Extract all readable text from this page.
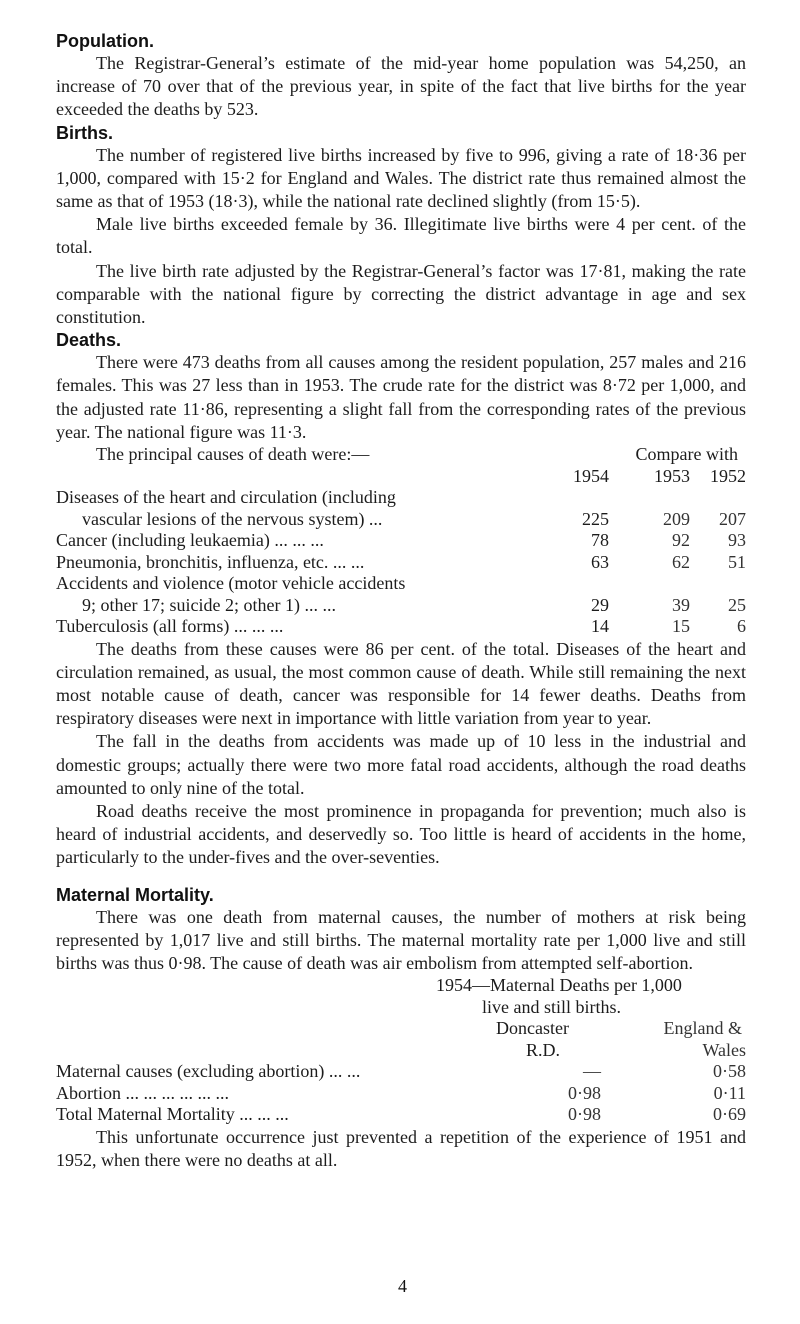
Population.

The Registrar-General’s estimate of the mid-year home population was 54,250, an increase of 70 over that of the previous year, in spite of the fact that live births for the year exceeded the deaths by 523.

Births.

The number of registered live births increased by five to 996, giving a rate of 18·36 per 1,000, compared with 15·2 for England and Wales. The district rate thus remained almost the same as that of 1953 (18·3), while the national rate declined slightly (from 15·5).

Male live births exceeded female by 36. Illegitimate live births were 4 per cent. of the total.

The live birth rate adjusted by the Registrar-General’s factor was 17·81, making the rate comparable with the national figure by correcting the district advantage in age and sex constitution.

Deaths.

There were 473 deaths from all causes among the resident population, 257 males and 216 females. This was 27 less than in 1953. The crude rate for the district was 8·72 per 1,000, and the adjusted rate 11·86, representing a slight fall from the corresponding rates of the previous year. The national figure was 11·3.

The principal causes of death were:—	Compare with
1954	1953 1952
Diseases of the heart and circulation (including
vascular lesions of the nervous system) ...	225	209 207
Cancer (including leukaemia) ... ... ...	78	92 93
Pneumonia, bronchitis, influenza, etc. ... ...	63	62 51
Accidents and violence (motor vehicle accidents
9; other 17; suicide 2; other 1) ... ...	29	39 25
Tuberculosis (all forms) ... ... ...	14	15	6

The deaths from these causes were 86 per cent. of the total. Diseases of the heart and circulation remained, as usual, the most common cause of death. While still remaining the next most notable cause of death, cancer was responsible for 14 fewer deaths. Deaths from respiratory diseases were next in importance with little variation from year to year.

The fall in the deaths from accidents was made up of 10 less in the industrial and domestic groups; actually there were two more fatal road accidents, although the road deaths amounted to only nine of the total.

Road deaths receive the most prominence in propaganda for prevention; much also is heard of industrial accidents, and deservedly so. Too little is heard of accidents in the home, particularly to the under-fives and the over-seventies.

Maternal Mortality.

There was one death from maternal causes, the number of mothers at risk being represented by 1,017 live and still births. The maternal mortality rate per 1,000 live and still births was thus 0·98. The cause of death was air embolism from attempted self-abortion.

1954—Maternal Deaths per 1,000
live and still births.
Doncaster	England &
R.D.	Wales
Maternal causes (excluding abortion) ... ...	—	0·58
Abortion ... ... ... ... ... ...	0·98	0·11
Total Maternal Mortality ... ... ...	0·98	0·69

This unfortunate occurrence just prevented a repetition of the experience of 1951 and 1952, when there were no deaths at all.

4
